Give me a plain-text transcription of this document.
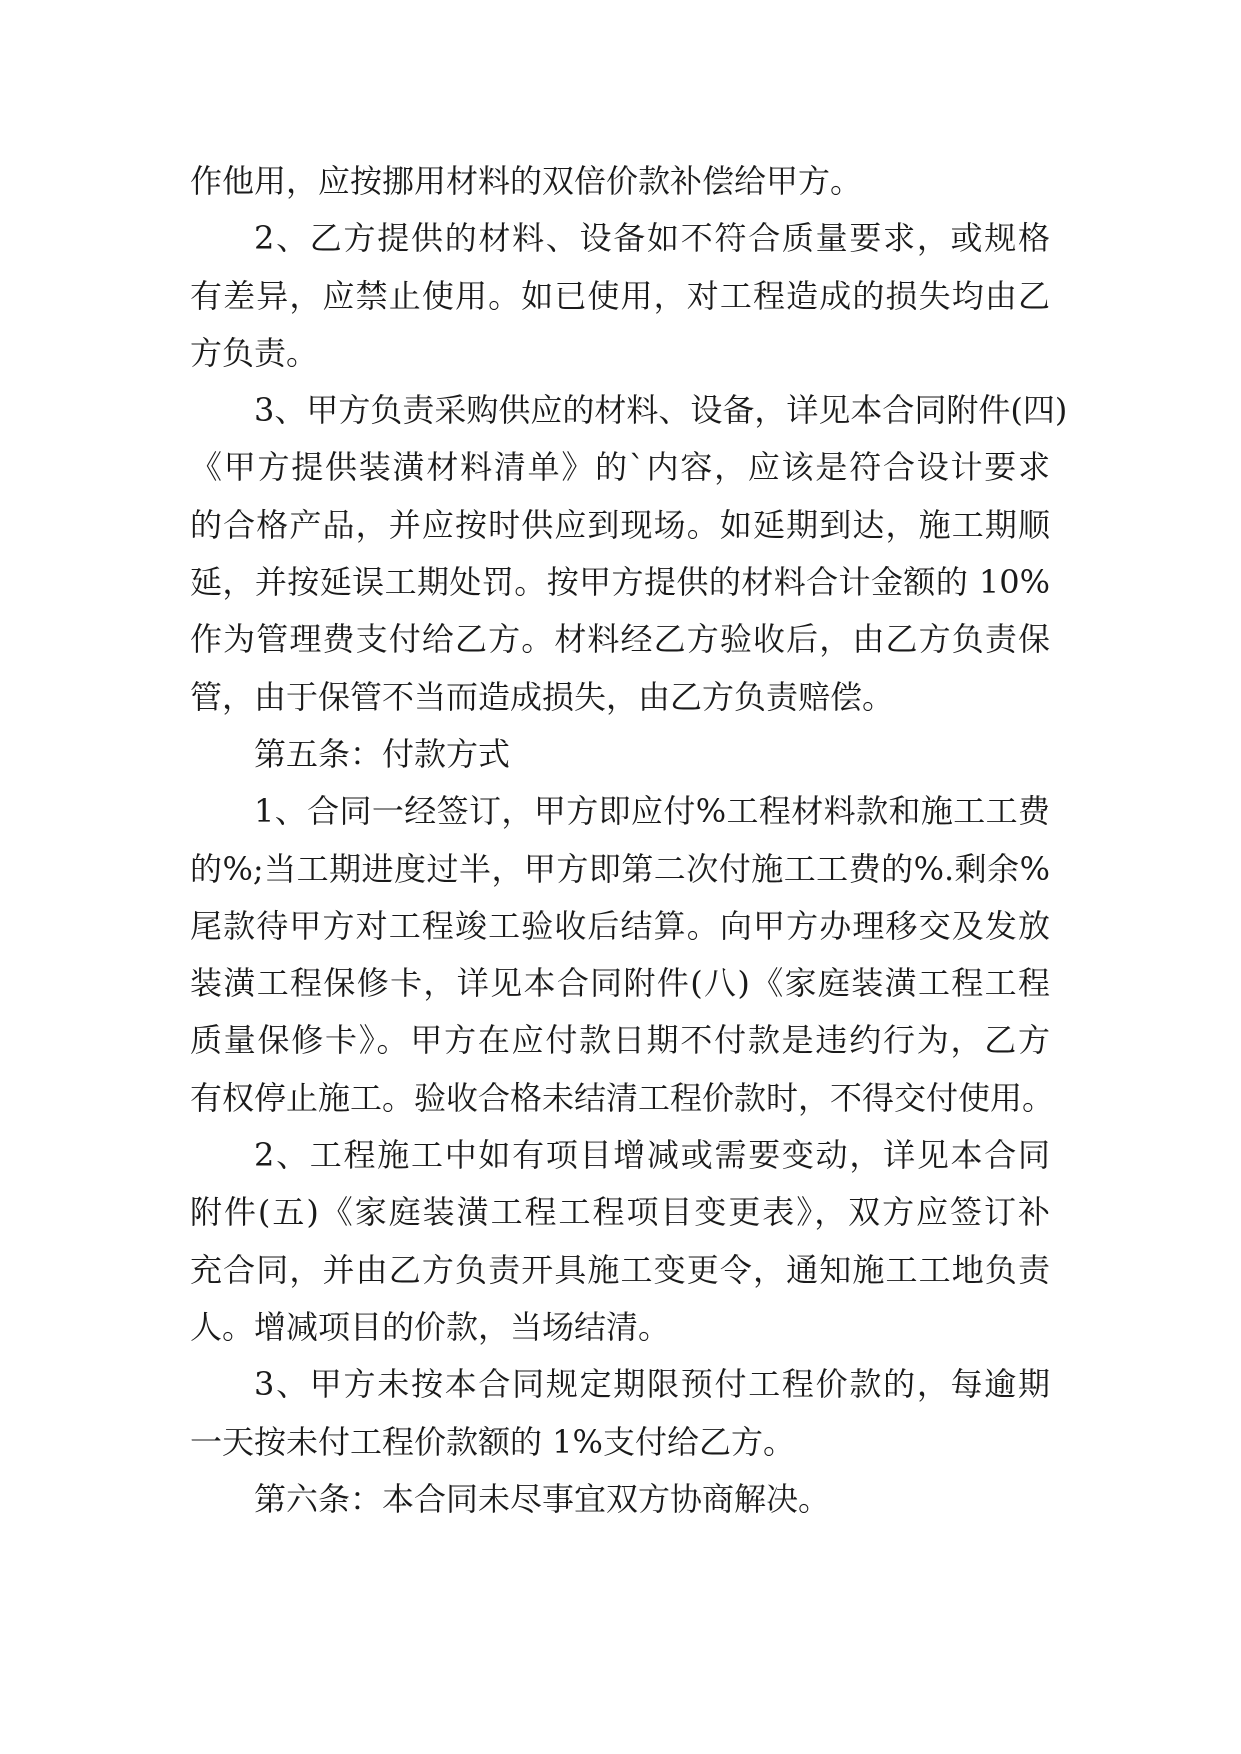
作他用，应按挪用材料的双倍价款补偿给甲方。
2、乙方提供的材料、设备如不符合质量要求，或规格
有差异，应禁止使用。如已使用，对工程造成的损失均由乙
方负责。
3、甲方负责采购供应的材料、设备，详见本合同附件(四)
《甲方提供装潢材料清单》的`内容，应该是符合设计要求
的合格产品，并应按时供应到现场。如延期到达，施工期顺
延，并按延误工期处罚。按甲方提供的材料合计金额的 10%
作为管理费支付给乙方。材料经乙方验收后，由乙方负责保
管，由于保管不当而造成损失，由乙方负责赔偿。
第五条：付款方式
1、合同一经签订，甲方即应付%工程材料款和施工工费
的%;当工期进度过半，甲方即第二次付施工工费的%.剩余%
尾款待甲方对工程竣工验收后结算。向甲方办理移交及发放
装潢工程保修卡，详见本合同附件(八)《家庭装潢工程工程
质量保修卡》。甲方在应付款日期不付款是违约行为，乙方
有权停止施工。验收合格未结清工程价款时，不得交付使用。
2、工程施工中如有项目增减或需要变动，详见本合同
附件(五)《家庭装潢工程工程项目变更表》，双方应签订补
充合同，并由乙方负责开具施工变更令，通知施工工地负责
人。增减项目的价款，当场结清。
3、甲方未按本合同规定期限预付工程价款的，每逾期
一天按未付工程价款额的 1%支付给乙方。
第六条：本合同未尽事宜双方协商解决。
